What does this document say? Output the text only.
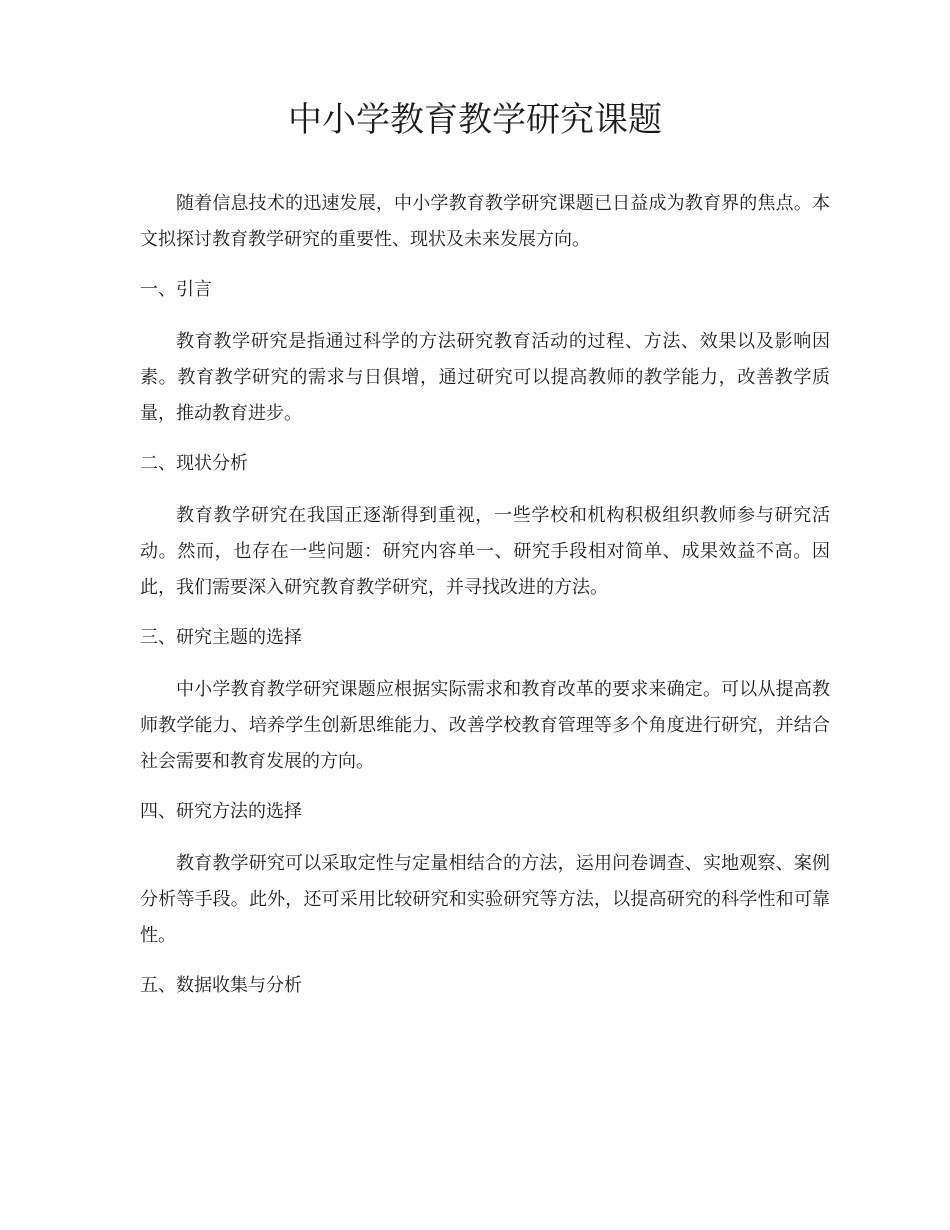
中小学教育教学研究课题

随着信息技术的迅速发展，中小学教育教学研究课题已日益成为教育界的焦点。本文拟探讨教育教学研究的重要性、现状及未来发展方向。

一、引言

教育教学研究是指通过科学的方法研究教育活动的过程、方法、效果以及影响因素。教育教学研究的需求与日俱增，通过研究可以提高教师的教学能力，改善教学质量，推动教育进步。

二、现状分析

教育教学研究在我国正逐渐得到重视，一些学校和机构积极组织教师参与研究活动。然而，也存在一些问题：研究内容单一、研究手段相对简单、成果效益不高。因此，我们需要深入研究教育教学研究，并寻找改进的方法。

三、研究主题的选择

中小学教育教学研究课题应根据实际需求和教育改革的要求来确定。可以从提高教师教学能力、培养学生创新思维能力、改善学校教育管理等多个角度进行研究，并结合社会需要和教育发展的方向。

四、研究方法的选择

教育教学研究可以采取定性与定量相结合的方法，运用问卷调查、实地观察、案例分析等手段。此外，还可采用比较研究和实验研究等方法，以提高研究的科学性和可靠性。

五、数据收集与分析
